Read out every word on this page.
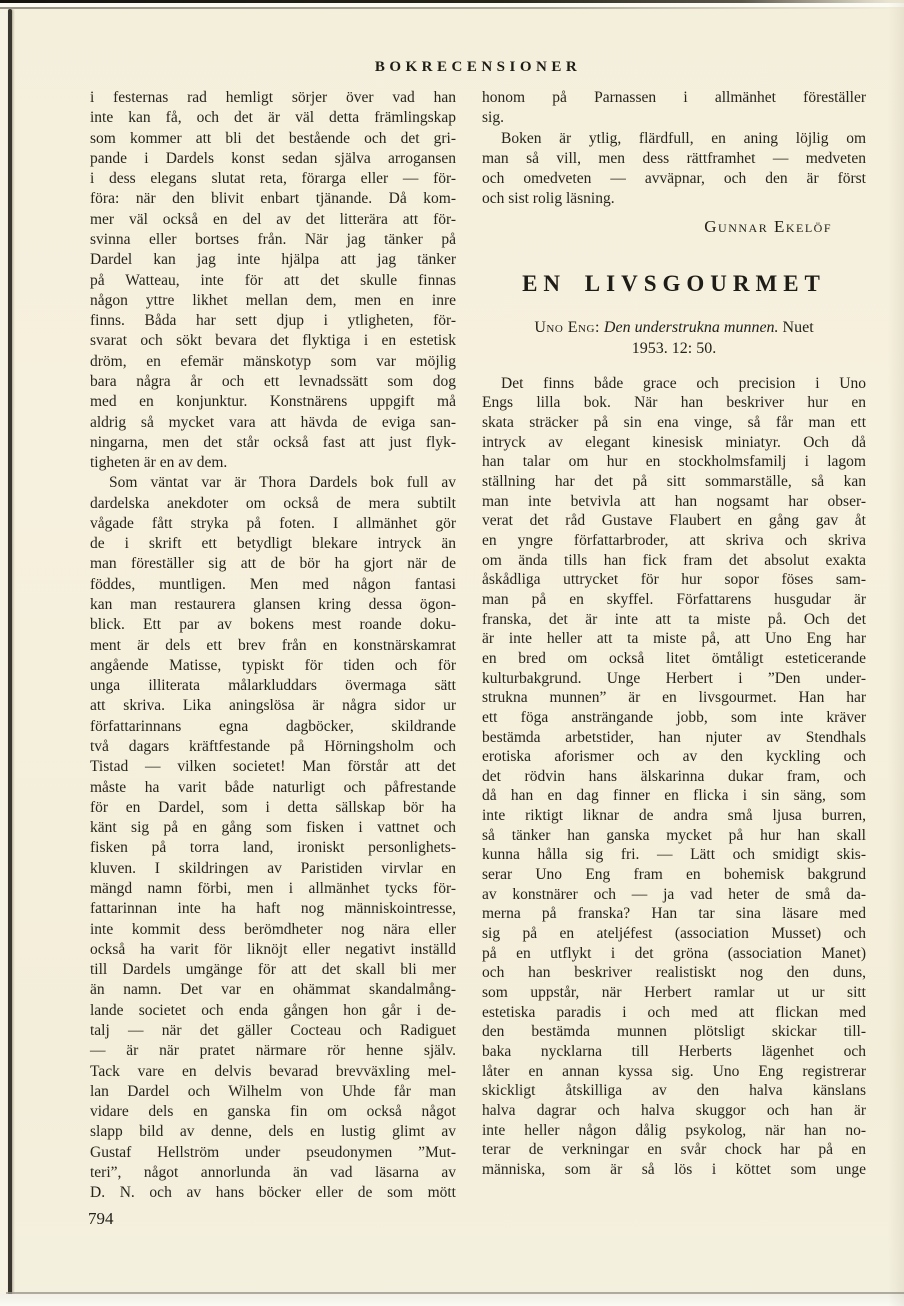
BOKRECENSIONER
i festernas rad hemligt sörjer över vad han
inte kan få, och det är väl detta främlingskap
som kommer att bli det bestående och det gri-
pande i Dardels konst sedan själva arrogansen
i dess elegans slutat reta, förarga eller — för-
föra: när den blivit enbart tjänande. Då kom-
mer väl också en del av det litterära att för-
svinna eller bortses från. När jag tänker på
Dardel kan jag inte hjälpa att jag tänker
på Watteau, inte för att det skulle finnas
någon yttre likhet mellan dem, men en inre
finns. Båda har sett djup i ytligheten, för-
svarat och sökt bevara det flyktiga i en estetisk
dröm, en efemär mänskotyp som var möjlig
bara några år och ett levnadssätt som dog
med en konjunktur. Konstnärens uppgift må
aldrig så mycket vara att hävda de eviga san-
ningarna, men det står också fast att just flyk-
tigheten är en av dem.
Som väntat var är Thora Dardels bok full av
dardelska anekdoter om också de mera subtilt
vågade fått stryka på foten. I allmänhet gör
de i skrift ett betydligt blekare intryck än
man föreställer sig att de bör ha gjort när de
föddes, muntligen. Men med någon fantasi
kan man restaurera glansen kring dessa ögon-
blick. Ett par av bokens mest roande doku-
ment är dels ett brev från en konstnärskamrat
angående Matisse, typiskt för tiden och för
unga illiterata målarkluddars övermaga sätt
att skriva. Lika aningslösa är några sidor ur
författarinnans egna dagböcker, skildrande
två dagars kräftfestande på Hörningsholm och
Tistad — vilken societet! Man förstår att det
måste ha varit både naturligt och påfrestande
för en Dardel, som i detta sällskap bör ha
känt sig på en gång som fisken i vattnet och
fisken på torra land, ironiskt personlighets-
kluven. I skildringen av Paristiden virvlar en
mängd namn förbi, men i allmänhet tycks för-
fattarinnan inte ha haft nog människointresse,
inte kommit dess berömdheter nog nära eller
också ha varit för liknöjt eller negativt inställd
till Dardels umgänge för att det skall bli mer
än namn. Det var en ohämmat skandalmång-
lande societet och enda gången hon går i de-
talj — när det gäller Cocteau och Radiguet
— är när pratet närmare rör henne själv.
Tack vare en delvis bevarad brevväxling mel-
lan Dardel och Wilhelm von Uhde får man
vidare dels en ganska fin om också något
slapp bild av denne, dels en lustig glimt av
Gustaf Hellström under pseudonymen ”Mut-
teri”, något annorlunda än vad läsarna av
D. N. och av hans böcker eller de som mött
honom på Parnassen i allmänhet föreställer
sig.
Boken är ytlig, flärdfull, en aning löjlig om
man så vill, men dess rättframhet — medveten
och omedveten — avväpnar, och den är först
och sist rolig läsning.
Gunnar Ekelöf
EN LIVSGOURMET
Uno Eng: Den understrukna munnen. Nuet
1953. 12: 50.
Det finns både grace och precision i Uno
Engs lilla bok. När han beskriver hur en
skata sträcker på sin ena vinge, så får man ett
intryck av elegant kinesisk miniatyr. Och då
han talar om hur en stockholmsfamilj i lagom
ställning har det på sitt sommarställe, så kan
man inte betvivla att han nogsamt har obser-
verat det råd Gustave Flaubert en gång gav åt
en yngre författarbroder, att skriva och skriva
om ända tills han fick fram det absolut exakta
åskådliga uttrycket för hur sopor föses sam-
man på en skyffel. Författarens husgudar är
franska, det är inte att ta miste på. Och det
är inte heller att ta miste på, att Uno Eng har
en bred om också litet ömtåligt esteticerande
kulturbakgrund. Unge Herbert i ”Den under-
strukna munnen” är en livsgourmet. Han har
ett föga ansträngande jobb, som inte kräver
bestämda arbetstider, han njuter av Stendhals
erotiska aforismer och av den kyckling och
det rödvin hans älskarinna dukar fram, och
då han en dag finner en flicka i sin säng, som
inte riktigt liknar de andra små ljusa burren,
så tänker han ganska mycket på hur han skall
kunna hålla sig fri. — Lätt och smidigt skis-
serar Uno Eng fram en bohemisk bakgrund
av konstnärer och — ja vad heter de små da-
merna på franska? Han tar sina läsare med
sig på en ateljéfest (association Musset) och
på en utflykt i det gröna (association Manet)
och han beskriver realistiskt nog den duns,
som uppstår, när Herbert ramlar ut ur sitt
estetiska paradis i och med att flickan med
den bestämda munnen plötsligt skickar till-
baka nycklarna till Herberts lägenhet och
låter en annan kyssa sig. Uno Eng registrerar
skickligt åtskilliga av den halva känslans
halva dagrar och halva skuggor och han är
inte heller någon dålig psykolog, när han no-
terar de verkningar en svår chock har på en
människa, som är så lös i köttet som unge
794
